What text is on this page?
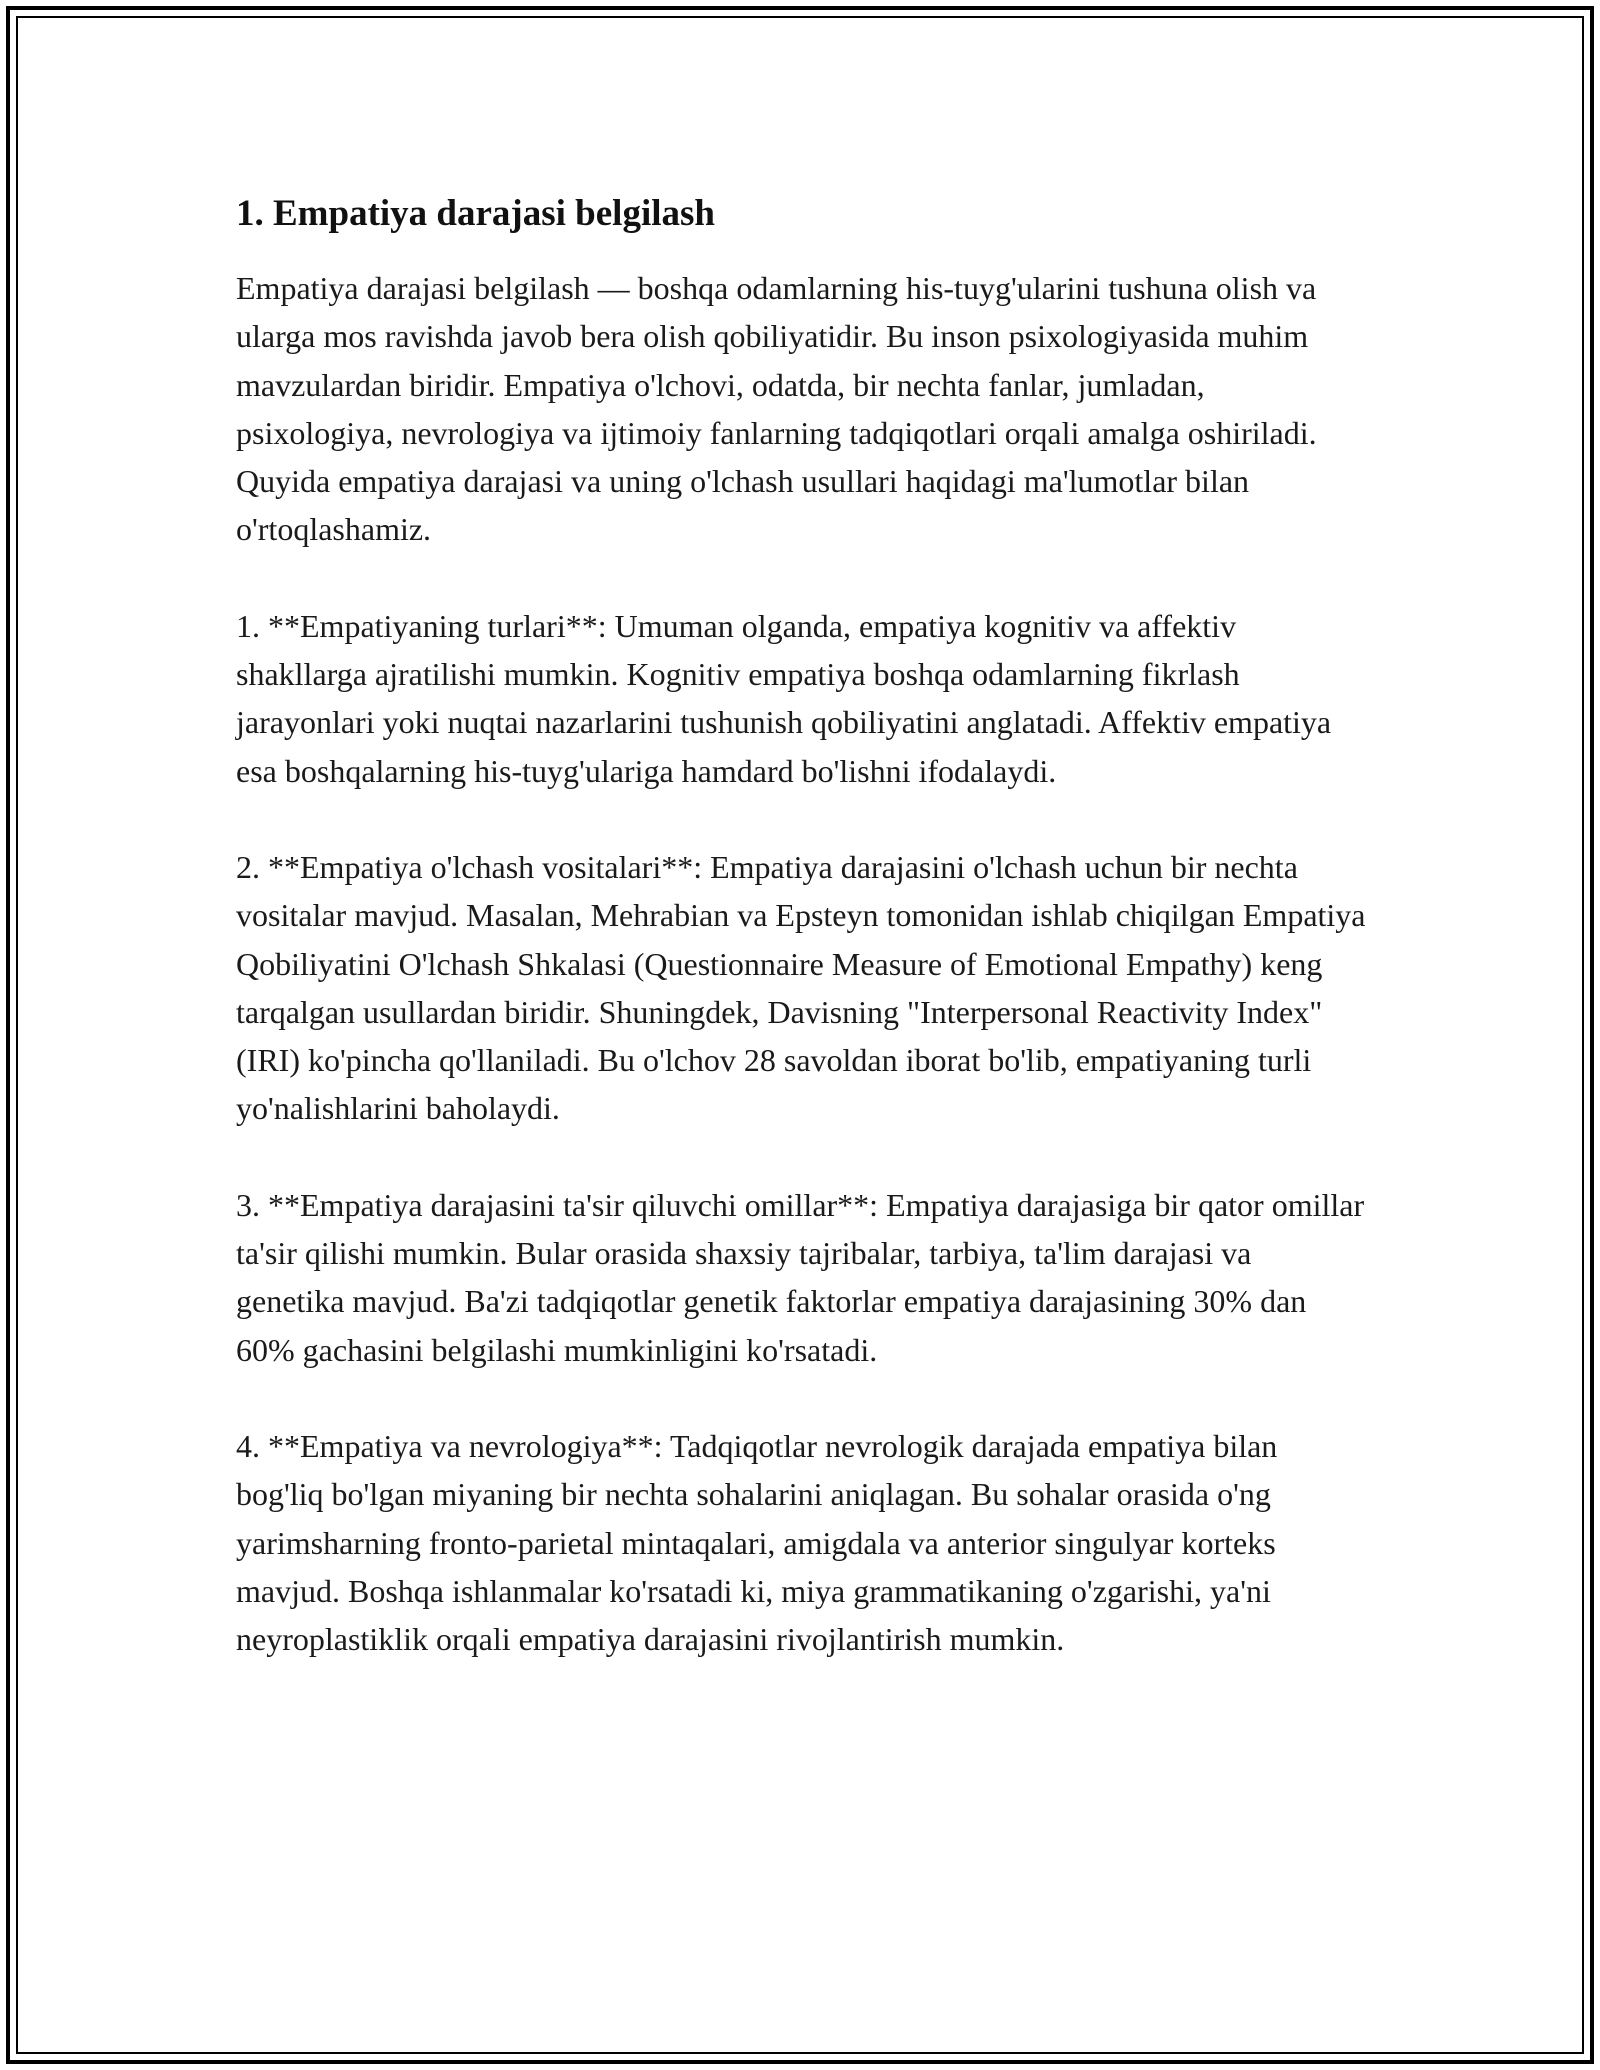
1. Empatiya darajasi belgilash

Empatiya darajasi belgilash — boshqa odamlarning his-tuyg'ularini tushuna olish va ularga mos ravishda javob bera olish qobiliyatidir. Bu inson psixologiyasida muhim mavzulardan biridir. Empatiya o'lchovi, odatda, bir nechta fanlar, jumladan, psixologiya, nevrologiya va ijtimoiy fanlarning tadqiqotlari orqali amalga oshiriladi. Quyida empatiya darajasi va uning o'lchash usullari haqidagi ma'lumotlar bilan o'rtoqlashamiz.

1. **Empatiyaning turlari**: Umuman olganda, empatiya kognitiv va affektiv shakllarga ajratilishi mumkin. Kognitiv empatiya boshqa odamlarning fikrlash jarayonlari yoki nuqtai nazarlarini tushunish qobiliyatini anglatadi. Affektiv empatiya esa boshqalarning his-tuyg'ulariga hamdard bo'lishni ifodalaydi.

2. **Empatiya o'lchash vositalari**: Empatiya darajasini o'lchash uchun bir nechta vositalar mavjud. Masalan, Mehrabian va Epsteyn tomonidan ishlab chiqilgan Empatiya Qobiliyatini O'lchash Shkalasi (Questionnaire Measure of Emotional Empathy) keng tarqalgan usullardan biridir. Shuningdek, Davisning "Interpersonal Reactivity Index" (IRI) ko'pincha qo'llaniladi. Bu o'lchov 28 savoldan iborat bo'lib, empatiyaning turli yo'nalishlarini baholaydi.

3. **Empatiya darajasini ta'sir qiluvchi omillar**: Empatiya darajasiga bir qator omillar ta'sir qilishi mumkin. Bular orasida shaxsiy tajribalar, tarbiya, ta'lim darajasi va genetika mavjud. Ba'zi tadqiqotlar genetik faktorlar empatiya darajasining 30% dan 60% gachasini belgilashi mumkinligini ko'rsatadi.

4. **Empatiya va nevrologiya**: Tadqiqotlar nevrologik darajada empatiya bilan bog'liq bo'lgan miyaning bir nechta sohalarini aniqlagan. Bu sohalar orasida o'ng yarimsharning fronto-parietal mintaqalari, amigdala va anterior singulyar korteks mavjud. Boshqa ishlanmalar ko'rsatadi ki, miya grammatikaning o'zgarishi, ya'ni neyroplastiklik orqali empatiya darajasini rivojlantirish mumkin.
